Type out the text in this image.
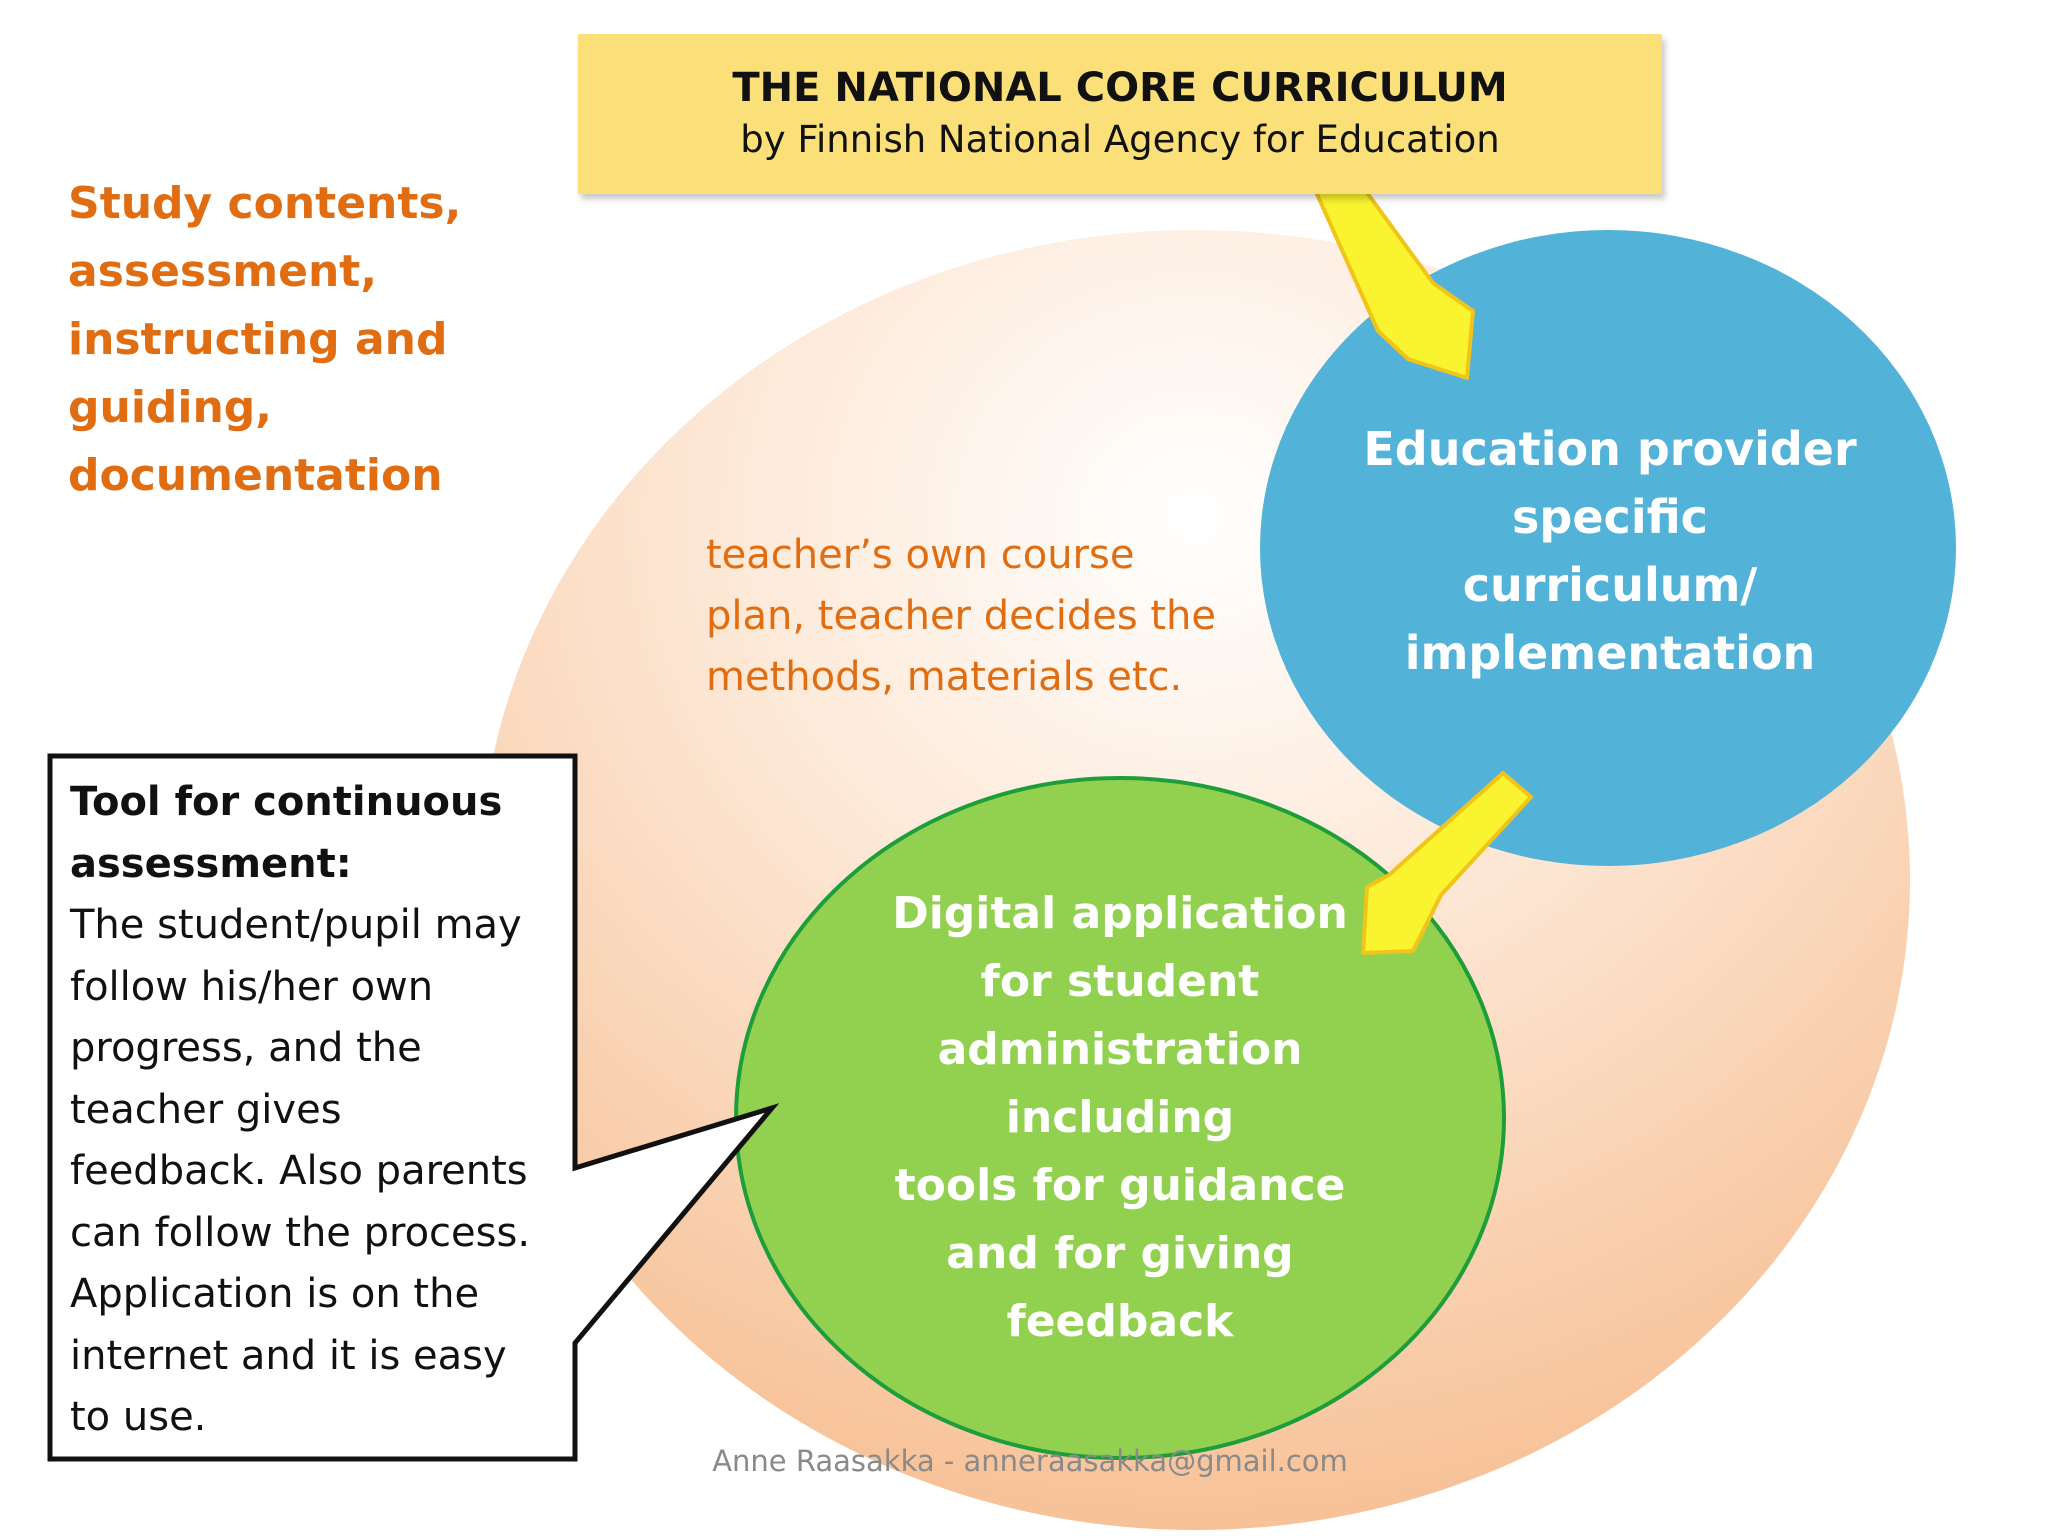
THE NATIONAL CORE CURRICULUM
by Finnish National Agency for Education
Study contents,
assessment,
instructing and
guiding,
documentation
teacher’s own course
plan, teacher decides the
methods, materials etc.
Education provider
specific
curriculum/
implementation
Digital application
for student
administration
including
tools for guidance
and for giving
feedback
Tool for continuous
assessment:
The student/pupil may
follow his/her own
progress, and the
teacher gives
feedback. Also parents
can follow the process.
Application is on the
internet and it is easy
to use.
Anne Raasakka - anneraasakka@gmail.com
